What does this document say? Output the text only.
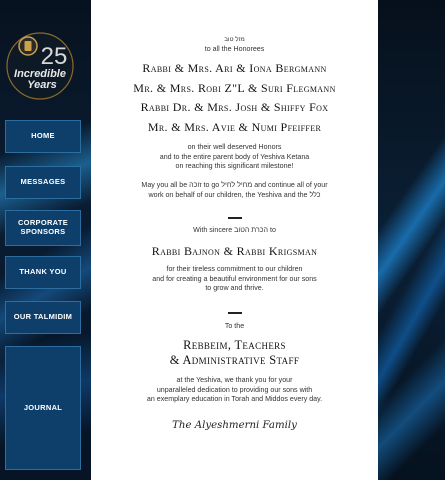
25
Incredible
Years
HOME
MESSAGES
CORPORATE
SPONSORS
THANK YOU
OUR TALMIDIM
JOURNAL
מזל טוב
to all the Honorees
Rabbi & Mrs. Ari & Iona Bergmann
Mr. & Mrs. Robi Z"L & Suri Flegmann
Rabbi Dr. & Mrs. Josh & Shiffy Fox
Mr. & Mrs. Avie & Numi Pfeiffer
on their well deserved Honors
and to the entire parent body of Yeshiva Ketana
on reaching this significant milestone!
May you all be זוכה to go מחיל לחיל and continue all of your
work on behalf of our children, the Yeshiva and the כלל
With sincere הכרת הטוב to
Rabbi Bajnon & Rabbi Krigsman
for their tireless commitment to our children
and for creating a beautiful environment for our sons
to grow and thrive.
To the
Rebbeim, Teachers
& Administrative Staff
at the Yeshiva, we thank you for your
unparalleled dedication to providing our sons with
an exemplary education in Torah and Middos every day.
The Alyeshmerni Family
